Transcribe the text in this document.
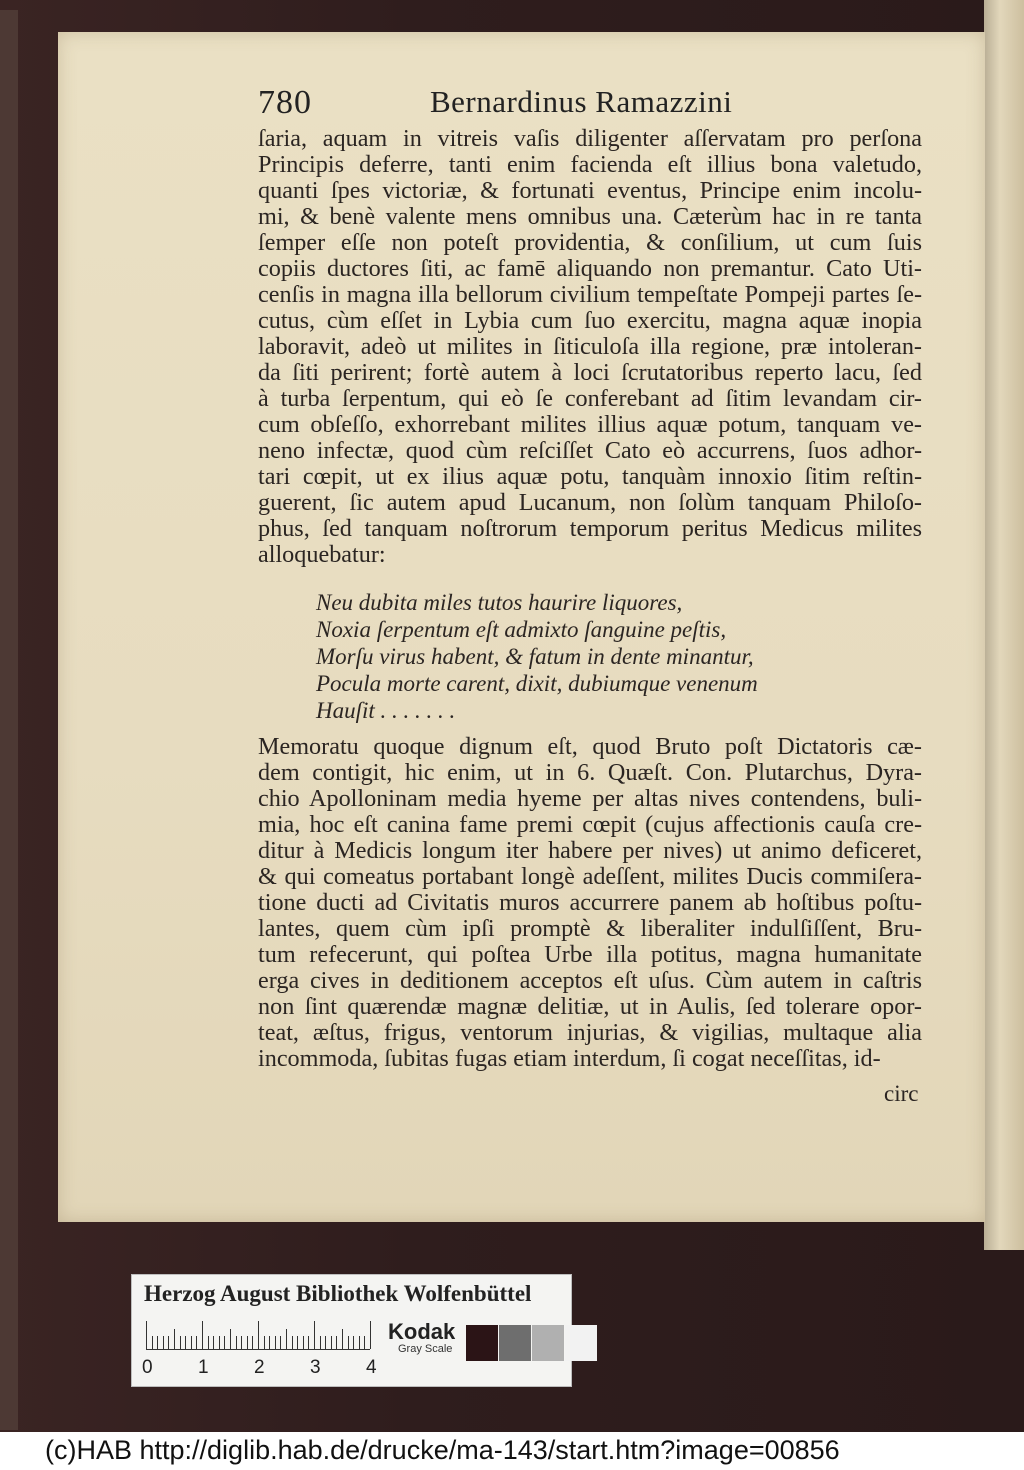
780	Bernardinus Ramazzini
ſaria, aquam in vitreis vaſis diligenter aſſervatam pro perſona
Principis deferre, tanti enim facienda eſt illius bona valetudo,
quanti ſpes victoriæ, & fortunati eventus, Principe enim incolu-
mi, & benè valente mens omnibus una. Cæterùm hac in re tanta
ſemper eſſe non poteſt providentia, & conſilium, ut cum ſuis
copiis ductores ſiti, ac famē aliquando non premantur. Cato Uti-
cenſis in magna illa bellorum civilium tempeſtate Pompeji partes ſe-
cutus, cùm eſſet in Lybia cum ſuo exercitu, magna aquæ inopia
laboravit, adeò ut milites in ſiticuloſa illa regione, præ intoleran-
da ſiti perirent; fortè autem à loci ſcrutatoribus reperto lacu, ſed
à turba ſerpentum, qui eò ſe conferebant ad ſitim levandam cir-
cum obſeſſo, exhorrebant milites illius aquæ potum, tanquam ve-
neno infectæ, quod cùm reſciſſet Cato eò accurrens, ſuos adhor-
tari cœpit, ut ex ilius aquæ potu, tanquàm innoxio ſitim reſtin-
guerent, ſic autem apud Lucanum, non ſolùm tanquam Philoſo-
phus, ſed tanquam noſtrorum temporum peritus Medicus milites
alloquebatur:
Neu dubita miles tutos haurire liquores,
Noxia ſerpentum eſt admixto ſanguine peſtis,
Morſu virus habent, & fatum in dente minantur,
Pocula morte carent, dixit, dubiumque venenum
Hauſit . . . . . . .
Memoratu quoque dignum eſt, quod Bruto poſt Dictatoris cæ-
dem contigit, hic enim, ut in 6. Quæſt. Con. Plutarchus, Dyra-
chio Apolloninam media hyeme per altas nives contendens, buli-
mia, hoc eſt canina fame premi cœpit (cujus affectionis cauſa cre-
ditur à Medicis longum iter habere per nives) ut animo deficeret,
& qui comeatus portabant longè adeſſent, milites Ducis commiſera-
tione ducti ad Civitatis muros accurrere panem ab hoſtibus poſtu-
lantes, quem cùm ipſi promptè & liberaliter indulſiſſent, Bru-
tum refecerunt, qui poſtea Urbe illa potitus, magna humanitate
erga cives in deditionem acceptos eſt uſus. Cùm autem in caſtris
non ſint quærendæ magnæ delitiæ, ut in Aulis, ſed tolerare opor-
teat, æſtus, frigus, ventorum injurias, & vigilias, multaque alia
incommoda, ſubitas fugas etiam interdum, ſi cogat neceſſitas, id-
circ
Herzog August Bibliothek Wolfenbüttel
0 1 2 3 4
Kodak
Gray Scale
(c)HAB http://diglib.hab.de/drucke/ma-143/start.htm?image=00856
